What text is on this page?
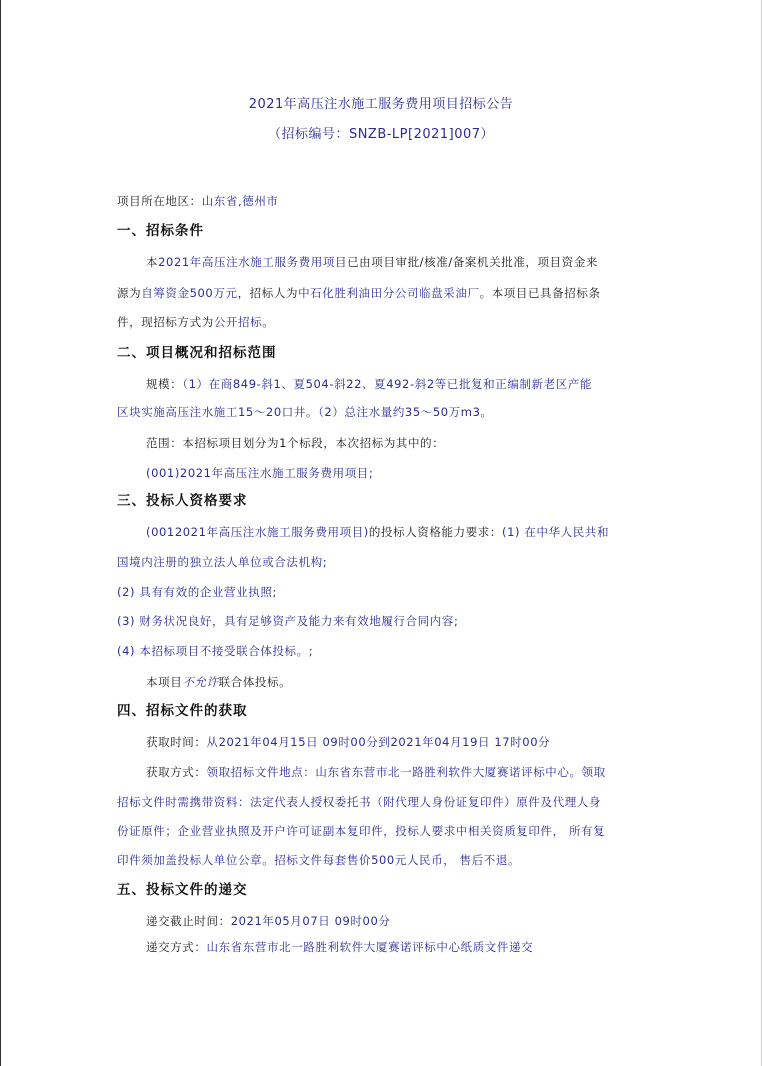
2021年高压注水施工服务费用项目招标公告
（招标编号：SNZB-LP[2021]007）
项目所在地区：山东省,德州市
一、招标条件
本2021年高压注水施工服务费用项目已由项目审批/核准/备案机关批准，项目资金来
源为自筹资金500万元，招标人为中石化胜利油田分公司临盘采油厂。本项目已具备招标条
件，现招标方式为公开招标。
二、项目概况和招标范围
规模：（1）在商849-斜1、夏504-斜22、夏492-斜2等已批复和正编制新老区产能
区块实施高压注水施工15～20口井。（2）总注水量约35～50万m3。
范围：本招标项目划分为1个标段，本次招标为其中的：
(001)2021年高压注水施工服务费用项目;
三、投标人资格要求
(0012021年高压注水施工服务费用项目)的投标人资格能力要求：(1) 在中华人民共和
国境内注册的独立法人单位或合法机构;
(2) 具有有效的企业营业执照;
(3) 财务状况良好，具有足够资产及能力来有效地履行合同内容;
(4) 本招标项目不接受联合体投标。;
本项目不允许联合体投标。
四、招标文件的获取
获取时间：从2021年04月15日 09时00分到2021年04月19日 17时00分
获取方式：领取招标文件地点：山东省东营市北一路胜利软件大厦赛诺评标中心。领取
招标文件时需携带资料：法定代表人授权委托书（附代理人身份证复印件）原件及代理人身
份证原件；企业营业执照及开户许可证副本复印件，投标人要求中相关资质复印件， 所有复
印件须加盖投标人单位公章。招标文件每套售价500元人民币， 售后不退。
五、投标文件的递交
递交截止时间：2021年05月07日 09时00分
递交方式：山东省东营市北一路胜利软件大厦赛诺评标中心纸质文件递交
